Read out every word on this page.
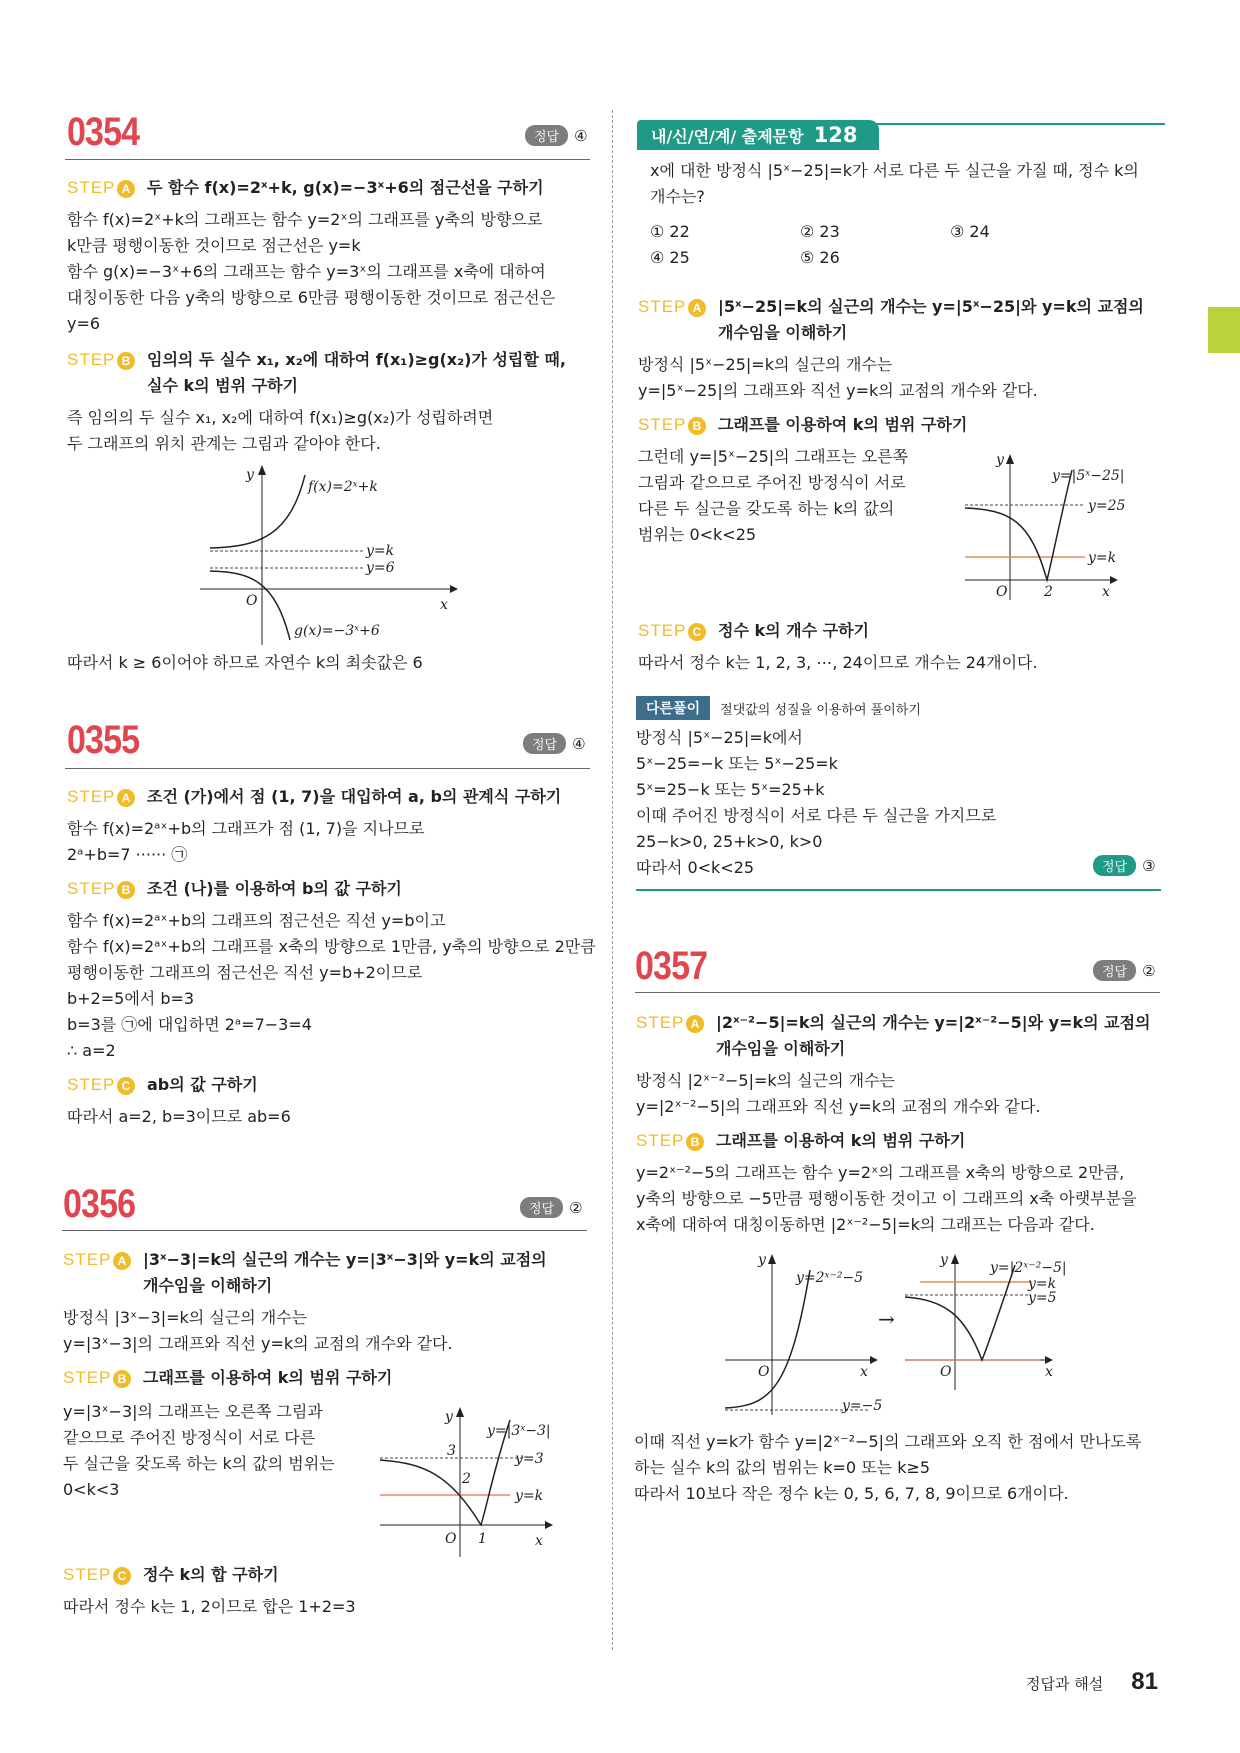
0354	정답	④
STEP A 두 함수 f(x)=2ˣ+k, g(x)=−3ˣ+6의 점근선을 구하기
함수 f(x)=2ˣ+k의 그래프는 함수 y=2ˣ의 그래프를 y축의 방향으로
k만큼 평행이동한 것이므로 점근선은 y=k
함수 g(x)=−3ˣ+6의 그래프는 함수 y=3ˣ의 그래프를 x축에 대하여
대칭이동한 다음 y축의 방향으로 6만큼 평행이동한 것이므로 점근선은
y=6
STEP B 임의의 두 실수 x₁, x₂에 대하여 f(x₁)≥g(x₂)가 성립할 때,
실수 k의 범위 구하기
즉 임의의 두 실수 x₁, x₂에 대하여 f(x₁)≥g(x₂)가 성립하려면
두 그래프의 위치 관계는 그림과 같아야 한다.
y
x
O
f(x)=2ˣ+k
y=k
y=6
g(x)=−3ˣ+6
따라서 k ≥ 6이어야 하므로 자연수 k의 최솟값은 6
0355	정답	④
STEP A 조건 (가)에서 점 (1, 7)을 대입하여 a, b의 관계식 구하기
함수 f(x)=2ᵃˣ+b의 그래프가 점 (1, 7)을 지나므로
2ᵃ+b=7 ······ ㉠
STEP B 조건 (나)를 이용하여 b의 값 구하기
함수 f(x)=2ᵃˣ+b의 그래프의 점근선은 직선 y=b이고
함수 f(x)=2ᵃˣ+b의 그래프를 x축의 방향으로 1만큼, y축의 방향으로 2만큼
평행이동한 그래프의 점근선은 직선 y=b+2이므로
b+2=5에서 b=3
b=3를 ㉠에 대입하면 2ᵃ=7−3=4
∴ a=2
STEP C ab의 값 구하기
따라서 a=2, b=3이므로 ab=6
0356	정답	②
STEP A |3ˣ−3|=k의 실근의 개수는 y=|3ˣ−3|와 y=k의 교점의
개수임을 이해하기
방정식 |3ˣ−3|=k의 실근의 개수는
y=|3ˣ−3|의 그래프와 직선 y=k의 교점의 개수와 같다.
STEP B 그래프를 이용하여 k의 범위 구하기
y=|3ˣ−3|의 그래프는 오른쪽 그림과
같으므로 주어진 방정식이 서로 다른
두 실근을 갖도록 하는 k의 값의 범위는
0<k<3
y
x
O 1
2
3
y=|3ˣ−3|
y=3
y=k
STEP C 정수 k의 합 구하기
따라서 정수 k는 1, 2이므로 합은 1+2=3
내/신/연/계/ 출제문항 128
x에 대한 방정식 |5ˣ−25|=k가 서로 다른 두 실근을 가질 때, 정수 k의
개수는?
① 22	② 23	③ 24
④ 25	⑤ 26
STEP A |5ˣ−25|=k의 실근의 개수는 y=|5ˣ−25|와 y=k의 교점의
개수임을 이해하기
방정식 |5ˣ−25|=k의 실근의 개수는
y=|5ˣ−25|의 그래프와 직선 y=k의 교점의 개수와 같다.
STEP B 그래프를 이용하여 k의 범위 구하기
그런데 y=|5ˣ−25|의 그래프는 오른쪽
그림과 같으므로 주어진 방정식이 서로
다른 두 실근을 갖도록 하는 k의 값의
범위는 0<k<25
y
x
O	2
y=|5ˣ−25|
y=25
y=k
STEP C 정수 k의 개수 구하기
따라서 정수 k는 1, 2, 3, ⋯, 24이므로 개수는 24개이다.
다른풀이	절댓값의 성질을 이용하여 풀이하기
방정식 |5ˣ−25|=k에서
5ˣ−25=−k 또는 5ˣ−25=k
5ˣ=25−k 또는 5ˣ=25+k
이때 주어진 방정식이 서로 다른 두 실근을 가지므로
25−k>0, 25+k>0, k>0
따라서 0<k<25	정답	③
0357	정답	②
STEP A |2ˣ⁻²−5|=k의 실근의 개수는 y=|2ˣ⁻²−5|와 y=k의 교점의
개수임을 이해하기
방정식 |2ˣ⁻²−5|=k의 실근의 개수는
y=|2ˣ⁻²−5|의 그래프와 직선 y=k의 교점의 개수와 같다.
STEP B 그래프를 이용하여 k의 범위 구하기
y=2ˣ⁻²−5의 그래프는 함수 y=2ˣ의 그래프를 x축의 방향으로 2만큼,
y축의 방향으로 −5만큼 평행이동한 것이고 이 그래프의 x축 아랫부분을
x축에 대하여 대칭이동하면 |2ˣ⁻²−5|=k의 그래프는 다음과 같다.
y
x
O
y=2ˣ⁻²−5
y=−5
→
y
x
O
y=|2ˣ⁻²−5|
y=k
y=5
이때 직선 y=k가 함수 y=|2ˣ⁻²−5|의 그래프와 오직 한 점에서 만나도록
하는 실수 k의 값의 범위는 k=0 또는 k≥5
따라서 10보다 작은 정수 k는 0, 5, 6, 7, 8, 9이므로 6개이다.
정답과 해설 81
